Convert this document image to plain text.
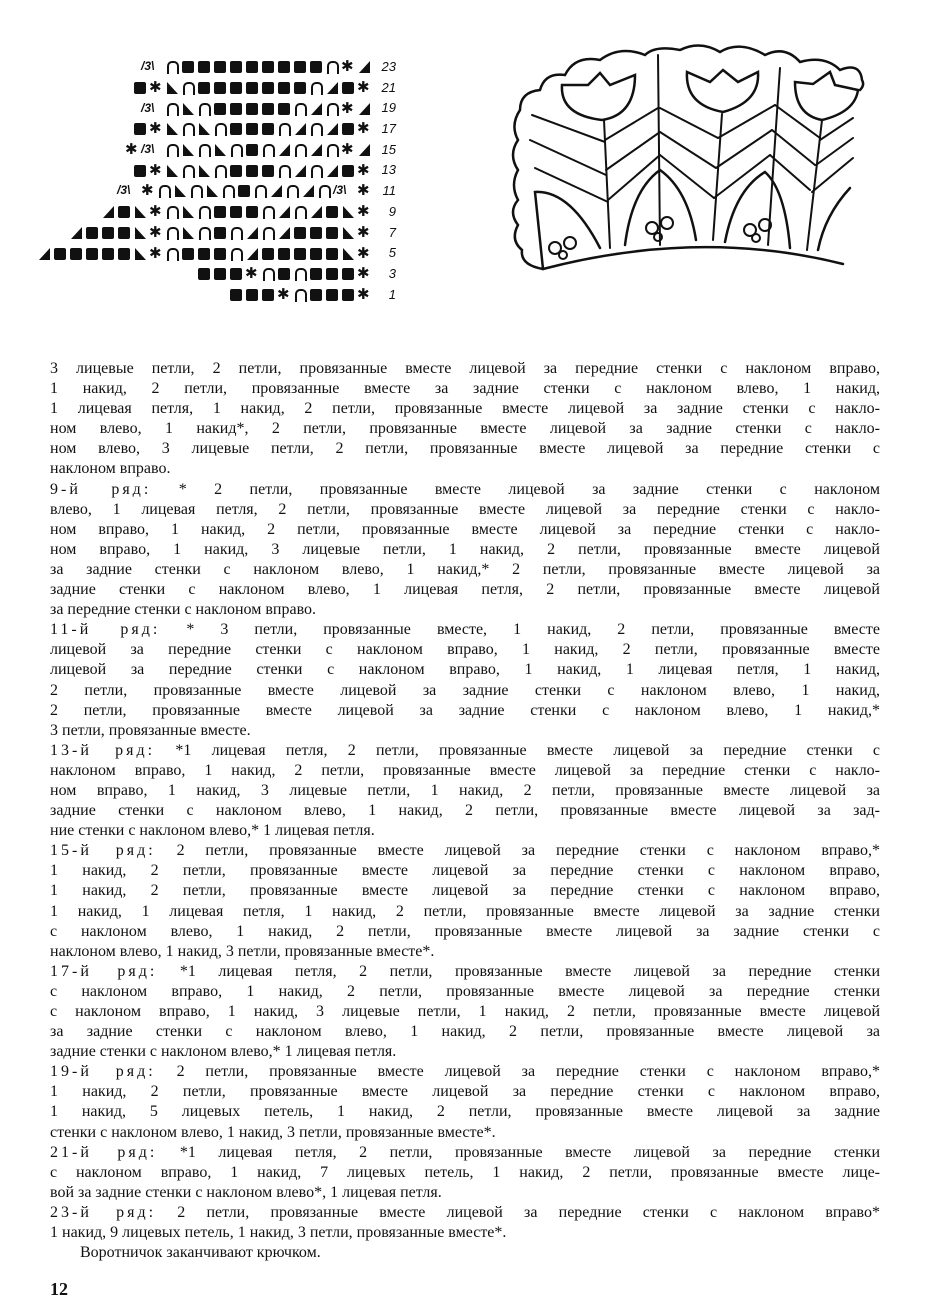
/3\
✱
23
✱
✱
21
/3\
✱
19
✱
✱
17
✱
/3\
✱
15
✱
✱
13
/3\
✱
/3\
✱
11
✱
✱
9
✱
✱
7
✱
✱
5
✱
✱
3
✱
✱
1
3 лицевые петли, 2 петли, провязанные вместе лицевой за передние стенки с наклоном вправо,
1 накид, 2 петли, провязанные вместе за задние стенки с наклоном влево, 1 накид,
1 лицевая петля, 1 накид, 2 петли, провязанные вместе лицевой за задние стенки с накло-
ном влево, 1 накид*, 2 петли, провязанные вместе лицевой за задние стенки с накло-
ном влево, 3 лицевые петли, 2 петли, провязанные вместе лицевой за передние стенки с
наклоном вправо.
9-й ряд: * 2 петли, провязанные вместе лицевой за задние стенки с наклоном
влево, 1 лицевая петля, 2 петли, провязанные вместе лицевой за передние стенки с накло-
ном вправо, 1 накид, 2 петли, провязанные вместе лицевой за передние стенки с накло-
ном вправо, 1 накид, 3 лицевые петли, 1 накид, 2 петли, провязанные вместе лицевой
за задние стенки с наклоном влево, 1 накид,* 2 петли, провязанные вместе лицевой за
задние стенки с наклоном влево, 1 лицевая петля, 2 петли, провязанные вместе лицевой
за передние стенки с наклоном вправо.
11-й ряд: * 3 петли, провязанные вместе, 1 накид, 2 петли, провязанные вместе
лицевой за передние стенки с наклоном вправо, 1 накид, 2 петли, провязанные вместе
лицевой за передние стенки с наклоном вправо, 1 накид, 1 лицевая петля, 1 накид,
2 петли, провязанные вместе лицевой за задние стенки с наклоном влево, 1 накид,
2 петли, провязанные вместе лицевой за задние стенки с наклоном влево, 1 накид,*
3 петли, провязанные вместе.
13-й ряд: *1 лицевая петля, 2 петли, провязанные вместе лицевой за передние стенки с
наклоном вправо, 1 накид, 2 петли, провязанные вместе лицевой за передние стенки с накло-
ном вправо, 1 накид, 3 лицевые петли, 1 накид, 2 петли, провязанные вместе лицевой за
задние стенки с наклоном влево, 1 накид, 2 петли, провязанные вместе лицевой за зад-
ние стенки с наклоном влево,* 1 лицевая петля.
15-й ряд: 2 петли, провязанные вместе лицевой за передние стенки с наклоном вправо,*
1 накид, 2 петли, провязанные вместе лицевой за передние стенки с наклоном вправо,
1 накид, 2 петли, провязанные вместе лицевой за передние стенки с наклоном вправо,
1 накид, 1 лицевая петля, 1 накид, 2 петли, провязанные вместе лицевой за задние стенки
с наклоном влево, 1 накид, 2 петли, провязанные вместе лицевой за задние стенки с
наклоном влево, 1 накид, 3 петли, провязанные вместе*.
17-й ряд: *1 лицевая петля, 2 петли, провязанные вместе лицевой за передние стенки
с наклоном вправо, 1 накид, 2 петли, провязанные вместе лицевой за передние стенки
с наклоном вправо, 1 накид, 3 лицевые петли, 1 накид, 2 петли, провязанные вместе лицевой
за задние стенки с наклоном влево, 1 накид, 2 петли, провязанные вместе лицевой за
задние стенки с наклоном влево,* 1 лицевая петля.
19-й ряд: 2 петли, провязанные вместе лицевой за передние стенки с наклоном вправо,*
1 накид, 2 петли, провязанные вместе лицевой за передние стенки с наклоном вправо,
1 накид, 5 лицевых петель, 1 накид, 2 петли, провязанные вместе лицевой за задние
стенки с наклоном влево, 1 накид, 3 петли, провязанные вместе*.
21-й ряд: *1 лицевая петля, 2 петли, провязанные вместе лицевой за передние стенки
с наклоном вправо, 1 накид, 7 лицевых петель, 1 накид, 2 петли, провязанные вместе лице-
вой за задние стенки с наклоном влево*, 1 лицевая петля.
23-й ряд: 2 петли, провязанные вместе лицевой за передние стенки с наклоном вправо*
1 накид, 9 лицевых петель, 1 накид, 3 петли, провязанные вместе*.
Воротничок заканчивают крючком.
12
